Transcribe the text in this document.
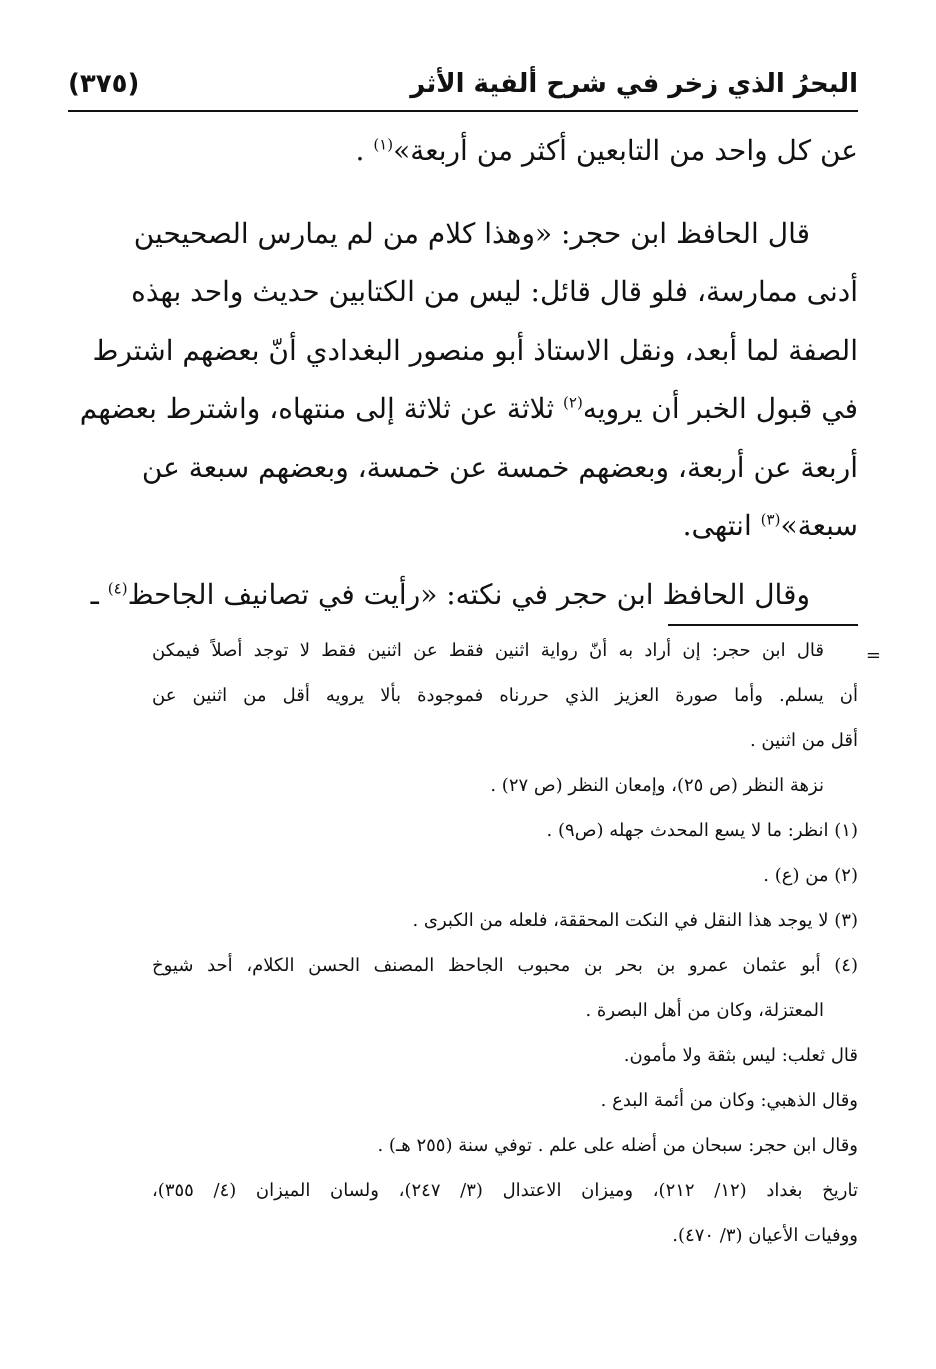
البحرُ الذي زخر في شرح ألفية الأثر
(٣٧٥)
عن كل واحد من التابعين أكثر من أربعة»$^{(١)}$ .
قال الحافظ ابن حجر: «وهذا كلام من لم يمارس الصحيحين
أدنى ممارسة، فلو قال قائل: ليس من الكتابين حديث واحد بهذه
الصفة لما أبعد، ونقل الاستاذ أبو منصور البغدادي أنّ بعضهم اشترط
في قبول الخبر أن يرويه$^{(٢)}$ ثلاثة عن ثلاثة إلى منتهاه، واشترط بعضهم
أربعة عن أربعة، وبعضهم خمسة عن خمسة، وبعضهم سبعة عن
سبعة»$^{(٣)}$ انتهى.
وقال الحافظ ابن حجر في نكته: «رأيت في تصانيف الجاحظ$^{(٤)}$ ـ
=
قال ابن حجر: إن أراد به أنّ رواية اثنين فقط عن اثنين فقط لا توجد أصلاً فيمكن
أن يسلم. وأما صورة العزيز الذي حررناه فموجودة بألا يرويه أقل من اثنين عن
أقل من اثنين .
نزهة النظر (ص ٢٥)، وإمعان النظر (ص ٢٧) .
(١) انظر: ما لا يسع المحدث جهله (ص٩) .
(٢) من (ع) .
(٣) لا يوجد هذا النقل في النكت المحققة، فلعله من الكبرى .
(٤) أبو عثمان عمرو بن بحر بن محبوب الجاحظ المصنف الحسن الكلام، أحد شيوخ
المعتزلة، وكان من أهل البصرة .
قال ثعلب: ليس بثقة ولا مأمون.
وقال الذهبي: وكان من أئمة البدع .
وقال ابن حجر: سبحان من أضله على علم . توفي سنة (٢٥٥ هـ) .
تاريخ بغداد (١٢/ ٢١٢)، وميزان الاعتدال (٣/ ٢٤٧)، ولسان الميزان (٤/ ٣٥٥)،
ووفيات الأعيان (٣/ ٤٧٠).
